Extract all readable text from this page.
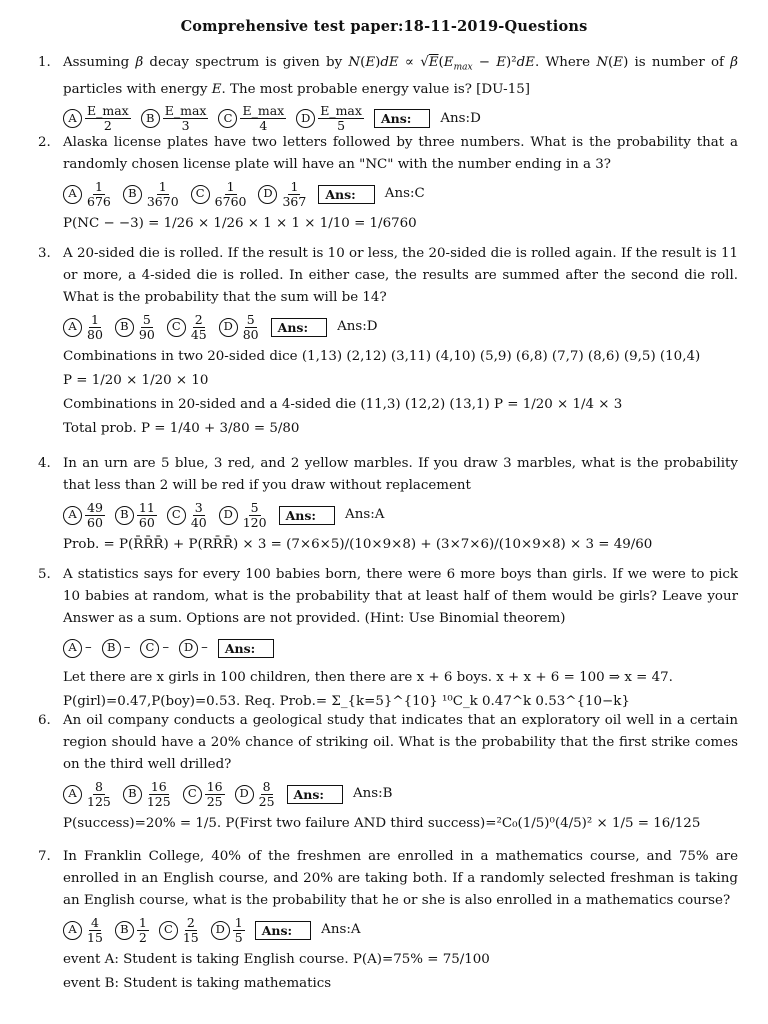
Comprehensive test paper:18-11-2019-Questions
1. Assuming β decay spectrum is given by $N(E)dE \propto √E(E_{max} - E)^2dE$. Where N(E) is number of β particles with energy E. The most probable energy value is? [DU-15]
A E_max
2
B E_max
3
C E_max
4
D E_max
5	Ans:	Ans:D
2. Alaska license plates have two letters followed by three numbers. What is the probability that a randomly chosen license plate will have an "NC" with the number ending in a 3?
A	1
676
B	1
3670
C	1
6760
D	1
367	Ans:	Ans:C
P(NC − −3) = 1/26 × 1/26 × 1 × 1 × 1/10 = 1/6760
3. A 20-sided die is rolled. If the result is 10 or less, the 20-sided die is rolled again. If the result is 11 or more, a 4-sided die is rolled. In either case, the results are summed after the second die roll. What is the probability that the sum will be 14?
A	1
80
B	5
90
C	2
45
D	5
80	Ans:	Ans:D
Combinations in two 20-sided dice (1,13) (2,12) (3,11) (4,10) (5,9) (6,8) (7,7) (8,6) (9,5) (10,4)
P = 1/20 × 1/20 × 10
Combinations in 20-sided and a 4-sided die (11,3) (12,2) (13,1) P = 1/20 × 1/4 × 3
Total prob. P = 1/40 + 3/80 = 5/80
4. In an urn are 5 blue, 3 red, and 2 yellow marbles. If you draw 3 marbles, what is the probability that less than 2 will be red if you draw without replacement
A 49
60
B 11
60
C	3
40
D	5
120	Ans:	Ans:A
Prob. = P(R̄R̄R̄) + P(RR̄R̄) × 3 = (7×6×5)/(10×9×8) + (3×7×6)/(10×9×8) × 3 = 49/60
5. A statistics says for every 100 babies born, there were 6 more boys than girls. If we were to pick 10 babies at random, what is the probability that at least half of them would be girls? Leave your Answer as a sum. Options are not provided. (Hint: Use Binomial theorem)
A –	B –	C –	D –	Ans:
Let there are x girls in 100 children, then there are x + 6 boys. x + x + 6 = 100 ⇒ x = 47.
P(girl)=0.47,P(boy)=0.53. Req. Prob.= Σ_{k=5}^{10} ¹⁰C_k 0.47^k 0.53^{10−k}
6. An oil company conducts a geological study that indicates that an exploratory oil well in a certain region should have a 20% chance of striking oil. What is the probability that the first strike comes on the third well drilled?
A	8
125
B	16
125
C 16
25
D	8
25	Ans:	Ans:B
P(success)=20% = 1/5. P(First two failure AND third success)=²C₀(1/5)⁰(4/5)² × 1/5 = 16/125
7. In Franklin College, 40% of the freshmen are enrolled in a mathematics course, and 75% are enrolled in an English course, and 20% are taking both. If a randomly selected freshman is taking an English course, what is the probability that he or she is also enrolled in a mathematics course?
A	4
15
B 1
2
C	2
15
D 1
5	Ans:	Ans:A
event A: Student is taking English course. P(A)=75% = 75/100
event B: Student is taking mathematics
